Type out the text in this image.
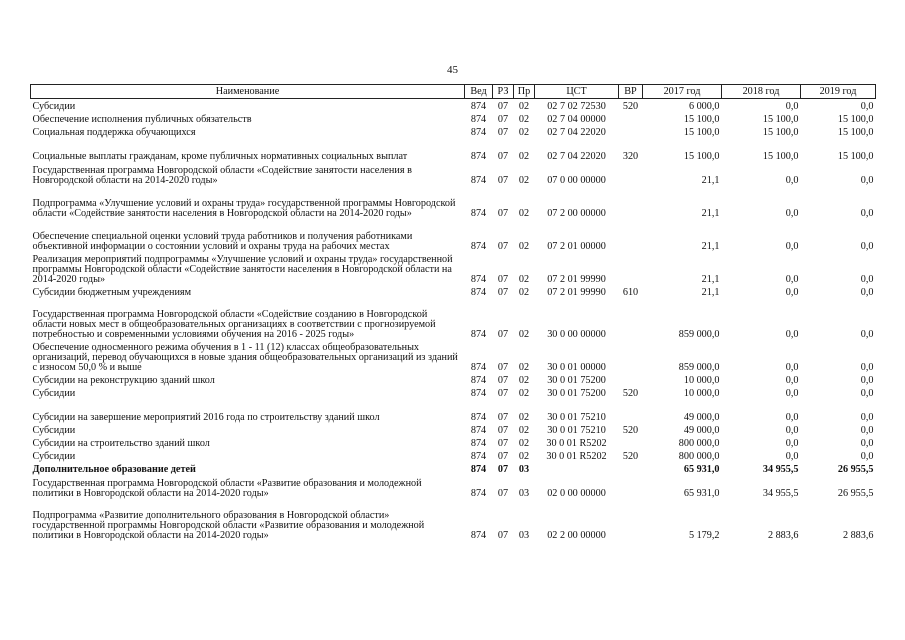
45
Наименование	Вед	РЗ	Пр	ЦСТ	ВР	2017 год	2018 год	2019 год
Субсидии	874	07	02	02 7 02 72530	520	6 000,0	0,0	0,0
Обеспечение исполнения публичных обязательств	874	07	02	02 7 04 00000		15 100,0	15 100,0	15 100,0
Социальная поддержка обучающихся	874	07	02	02 7 04 22020		15 100,0	15 100,0	15 100,0
Социальные выплаты гражданам, кроме публичных нормативных социальных выплат	874	07	02	02 7 04 22020	320	15 100,0	15 100,0	15 100,0
Государственная программа Новгородской области «Содействие занятости населения в Новгородской области на 2014-2020 годы»	874	07	02	07 0 00 00000		21,1	0,0	0,0
Подпрограмма «Улучшение условий и охраны труда» государственной программы Новгородской области «Содействие занятости населения в Новгородской области на 2014-2020 годы»	874	07	02	07 2 00 00000		21,1	0,0	0,0
Обеспечение специальной оценки условий труда работников и получения работниками объективной информации о состоянии условий и охраны труда на рабочих местах	874	07	02	07 2 01 00000		21,1	0,0	0,0
Реализация мероприятий подпрограммы «Улучшение условий и охраны труда» государственной программы Новгородской области «Содействие занятости населения в Новгородской области на 2014-2020 годы»	874	07	02	07 2 01 99990		21,1	0,0	0,0
Субсидии бюджетным учреждениям	874	07	02	07 2 01 99990	610	21,1	0,0	0,0
Государственная программа Новгородской области «Содействие созданию в Новгородской области новых мест в общеобразовательных организациях в соответствии с прогнозируемой потребностью и современными условиями обучения на 2016 - 2025 годы»	874	07	02	30 0 00 00000		859 000,0	0,0	0,0
Обеспечение односменного режима обучения в 1 - 11 (12) классах общеобразовательных организаций, перевод обучающихся в новые здания общеобразовательных организаций из зданий с износом 50,0 % и выше	874	07	02	30 0 01 00000		859 000,0	0,0	0,0
Субсидии на реконструкцию зданий школ	874	07	02	30 0 01 75200		10 000,0	0,0	0,0
Субсидии	874	07	02	30 0 01 75200	520	10 000,0	0,0	0,0
Субсидии на завершение мероприятий 2016 года по строительству зданий школ	874	07	02	30 0 01 75210		49 000,0	0,0	0,0
Субсидии	874	07	02	30 0 01 75210	520	49 000,0	0,0	0,0
Субсидии на строительство зданий школ	874	07	02	30 0 01 R5202		800 000,0	0,0	0,0
Субсидии	874	07	02	30 0 01 R5202	520	800 000,0	0,0	0,0
Дополнительное образование детей	874	07	03			65 931,0	34 955,5	26 955,5
Государственная программа Новгородской области «Развитие образования и молодежной политики в Новгородской области на 2014-2020 годы»	874	07	03	02 0 00 00000		65 931,0	34 955,5	26 955,5
Подпрограмма «Развитие дополнительного образования в Новгородской области» государственной программы Новгородской области «Развитие образования и молодежной политики в Новгородской области на 2014-2020 годы»	874	07	03	02 2 00 00000		5 179,2	2 883,6	2 883,6
